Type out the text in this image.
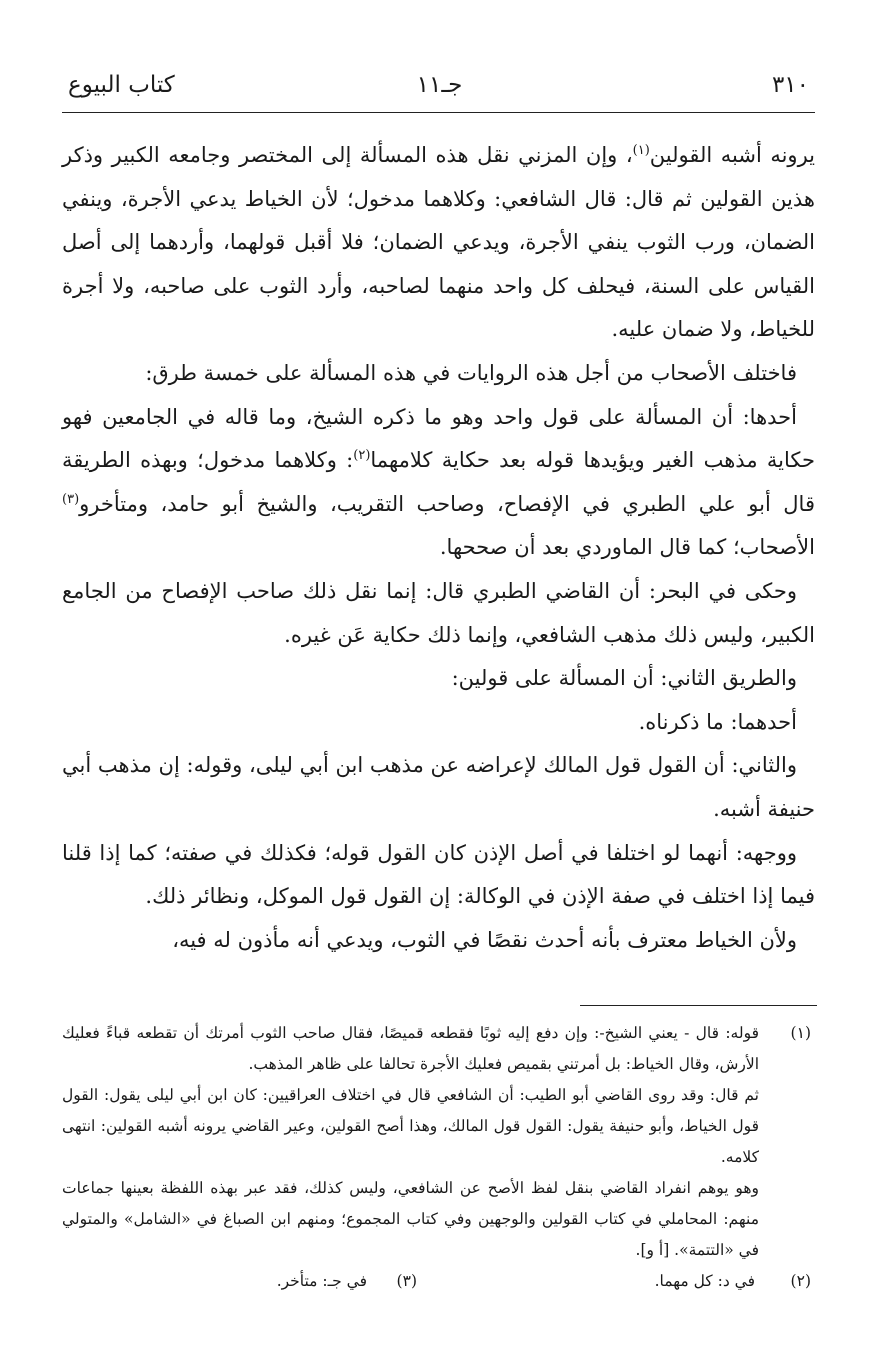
٣١٠
جـ١١
كتاب البيوع

يرونه أشبه القولين$^{(١)}$، وإن المزني نقل هذه المسألة إلى المختصر وجامعه الكبير وذكر هذين القولين ثم قال: قال الشافعي: وكلاهما مدخول؛ لأن الخياط يدعي الأجرة، وينفي الضمان، ورب الثوب ينفي الأجرة، ويدعي الضمان؛ فلا أقبل قولهما، وأردهما إلى أصل القياس على السنة، فيحلف كل واحد منهما لصاحبه، وأرد الثوب على صاحبه، ولا أجرة للخياط، ولا ضمان عليه.

فاختلف الأصحاب من أجل هذه الروايات في هذه المسألة على خمسة طرق:

أحدها: أن المسألة على قول واحد وهو ما ذكره الشيخ، وما قاله في الجامعين فهو حكاية مذهب الغير ويؤيدها قوله بعد حكاية كلامهما$^{(٢)}$: وكلاهما مدخول؛ وبهذه الطريقة قال أبو علي الطبري في الإفصاح، وصاحب التقريب، والشيخ أبو حامد، ومتأخرو$^{(٣)}$ الأصحاب؛ كما قال الماوردي بعد أن صححها.

وحكى في البحر: أن القاضي الطبري قال: إنما نقل ذلك صاحب الإفصاح من الجامع الكبير، وليس ذلك مذهب الشافعي، وإنما ذلك حكاية عَن غيره.

والطريق الثاني: أن المسألة على قولين:

أحدهما: ما ذكرناه.

والثاني: أن القول قول المالك لإعراضه عن مذهب ابن أبي ليلى، وقوله: إن مذهب أبي حنيفة أشبه.

ووجهه: أنهما لو اختلفا في أصل الإذن كان القول قوله؛ فكذلك في صفته؛ كما إذا قلنا فيما إذا اختلف في صفة الإذن في الوكالة: إن القول قول الموكل، ونظائر ذلك.

ولأن الخياط معترف بأنه أحدث نقصًا في الثوب، ويدعي أنه مأذون له فيه،

(١)

قوله: قال - يعني الشيخ-: وإن دفع إليه ثوبًا فقطعه قميصًا، فقال صاحب الثوب أمرتك أن تقطعه قباءً فعليك الأرش، وقال الخياط: بل أمرتني بقميص فعليك الأجرة تحالفا على ظاهر المذهب.

ثم قال: وقد روى القاضي أبو الطيب: أن الشافعي قال في اختلاف العراقيين: كان ابن أبي ليلى يقول: القول قول الخياط، وأبو حنيفة يقول: القول قول المالك، وهذا أصح القولين، وعير القاضي يرونه أشبه القولين: انتهى كلامه.

وهو يوهم انفراد القاضي بنقل لفظ الأصح عن الشافعي، وليس كذلك، فقد عبر بهذه اللفظة بعينها جماعات منهم: المحاملي في كتاب القولين والوجهين وفي كتاب المجموع؛ ومنهم ابن الصباغ في «الشامل» والمتولي في «التتمة». [أ و].

(٢)
في د: كل مهما.
(٣)
في جـ: متأخر.
